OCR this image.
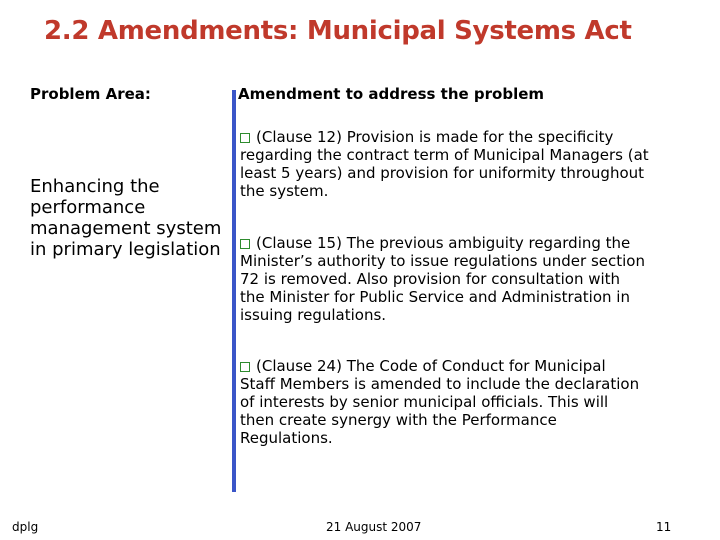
2.2 Amendments: Municipal Systems Act
Problem Area:	Amendment to address the problem
Enhancing the
performance
management system
in primary legislation
(Clause 12) Provision is made for the specificity
regarding the contract term of Municipal Managers (at
least 5 years) and provision for uniformity throughout
the system.
(Clause 15) The previous ambiguity regarding the
Minister’s authority to issue regulations under section
72 is removed. Also provision for consultation with
the Minister for Public Service and Administration in
issuing regulations.
(Clause 24) The Code of Conduct for Municipal
Staff Members is amended to include the declaration
of interests by senior municipal officials. This will
then create synergy with the Performance
Regulations.
dplg	21 August 2007	11
